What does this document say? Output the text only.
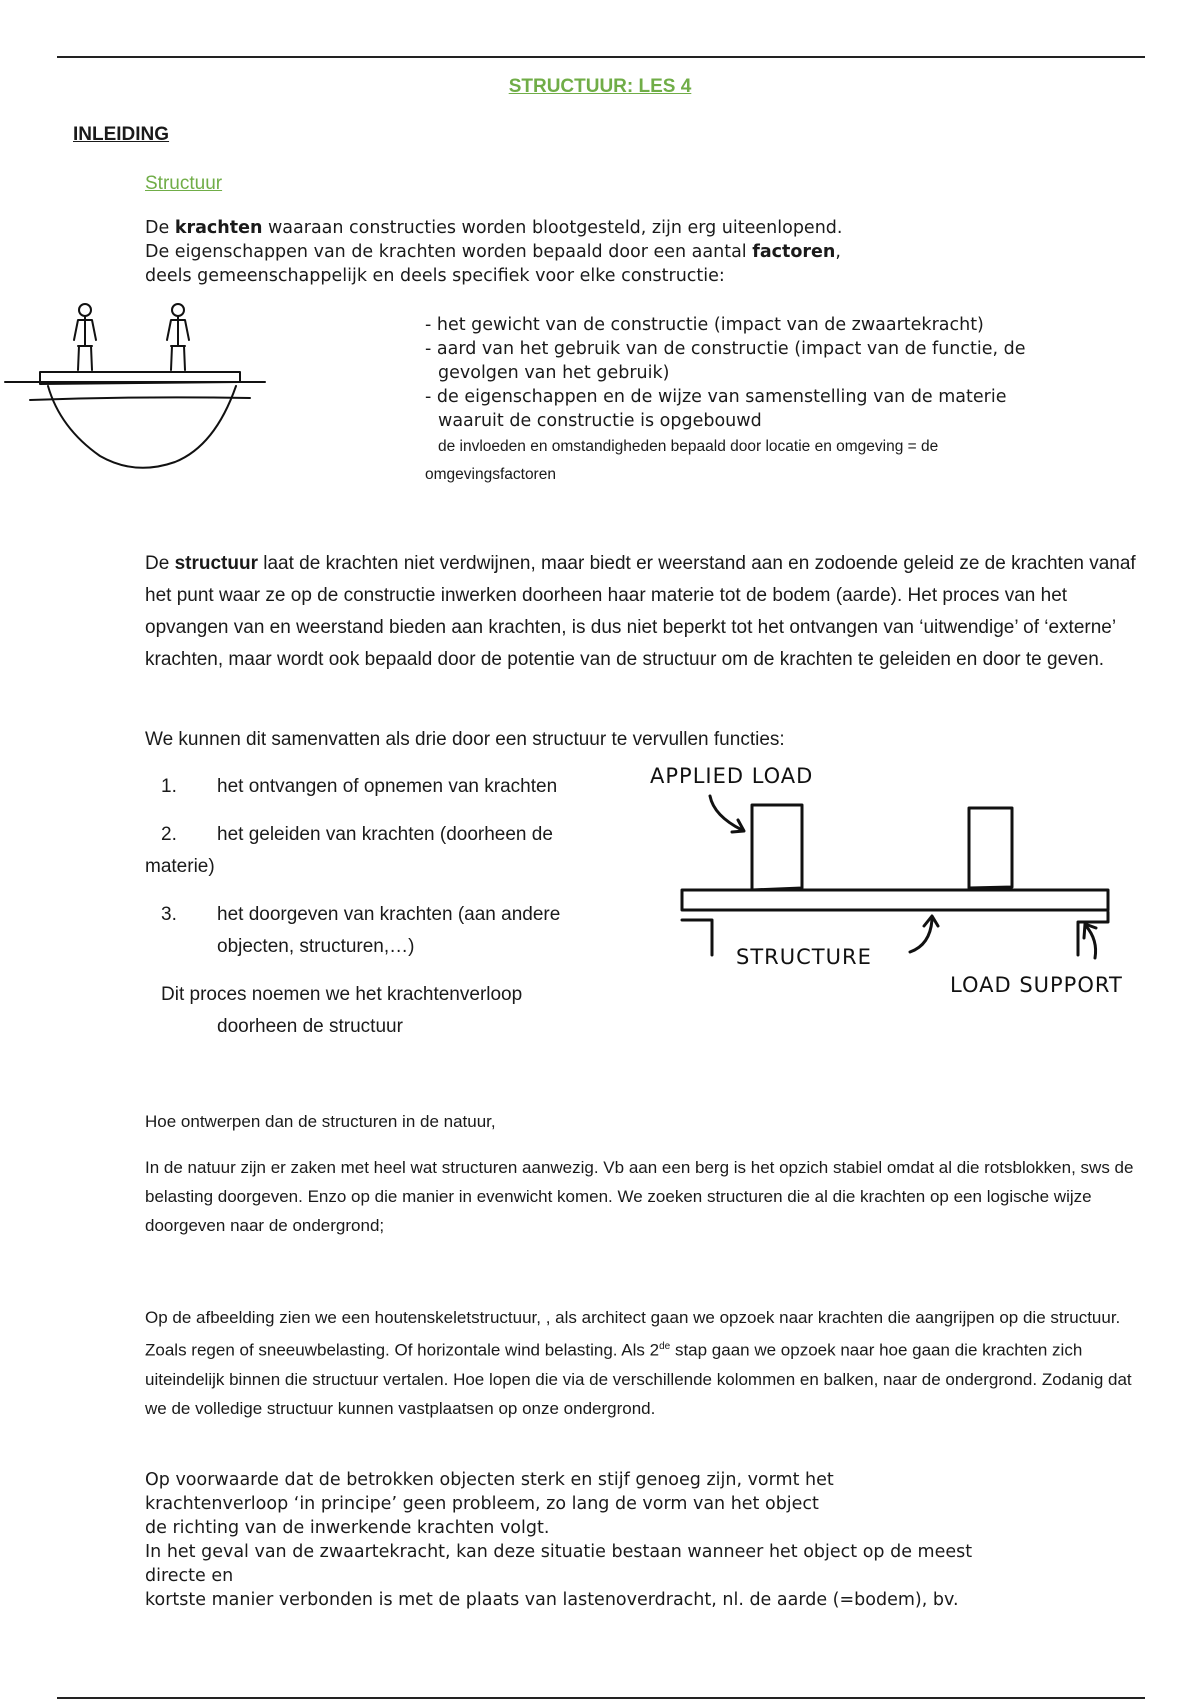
STRUCTUUR: LES 4

INLEIDING

Structuur

De krachten waaraan constructies worden blootgesteld, zijn erg uiteenlopend.
De eigenschappen van de krachten worden bepaald door een aantal factoren,
deels gemeenschappelijk en deels specifiek voor elke constructie:
- het gewicht van de constructie (impact van de zwaartekracht)
- aard van het gebruik van de constructie (impact van de functie, de
gevolgen van het gebruik)
- de eigenschappen en de wijze van samenstelling van de materie
waaruit de constructie is opgebouwd
de invloeden en omstandigheden bepaald door locatie en omgeving = de
omgevingsfactoren

De structuur laat de krachten niet verdwijnen, maar biedt er weerstand aan en zodoende geleid ze de krachten vanaf het punt waar ze op de constructie inwerken doorheen haar materie tot de bodem (aarde). Het proces van het opvangen van en weerstand bieden aan krachten, is dus niet beperkt tot het ontvangen van ‘uitwendige’ of ‘externe’ krachten, maar wordt ook bepaald door de potentie van de structuur om de krachten te geleiden en door te geven.

We kunnen dit samenvatten als drie door een structuur te vervullen functies:

1.	het ontvangen of opnemen van krachten
2.	het geleiden van krachten (doorheen de
materie)
3.	het doorgeven van krachten (aan andere
objecten, structuren,…)
Dit proces noemen we het krachtenverloop
doorheen de structuur
APPLIED LOAD
STRUCTURE
LOAD SUPPORT

Hoe ontwerpen dan de structuren in de natuur,

In de natuur zijn er zaken met heel wat structuren aanwezig. Vb aan een berg is het opzich stabiel omdat al die rotsblokken, sws de belasting doorgeven. Enzo op die manier in evenwicht komen. We zoeken structuren die al die krachten op een logische wijze doorgeven naar de ondergrond;

Op de afbeelding zien we een houtenskeletstructuur, , als architect gaan we opzoek naar krachten die aangrijpen op die structuur. Zoals regen of sneeuwbelasting. Of horizontale wind belasting. Als 2de stap gaan we opzoek naar hoe gaan die krachten zich uiteindelijk binnen die structuur vertalen. Hoe lopen die via de verschillende kolommen en balken, naar de ondergrond. Zodanig dat we de volledige structuur kunnen vastplaatsen op onze ondergrond.

Op voorwaarde dat de betrokken objecten sterk en stijf genoeg zijn, vormt het
krachtenverloop ‘in principe’ geen probleem, zo lang de vorm van het object
de richting van de inwerkende krachten volgt.
In het geval van de zwaartekracht, kan deze situatie bestaan wanneer het object op de meest
directe en
kortste manier verbonden is met de plaats van lastenoverdracht, nl. de aarde (=bodem), bv.
